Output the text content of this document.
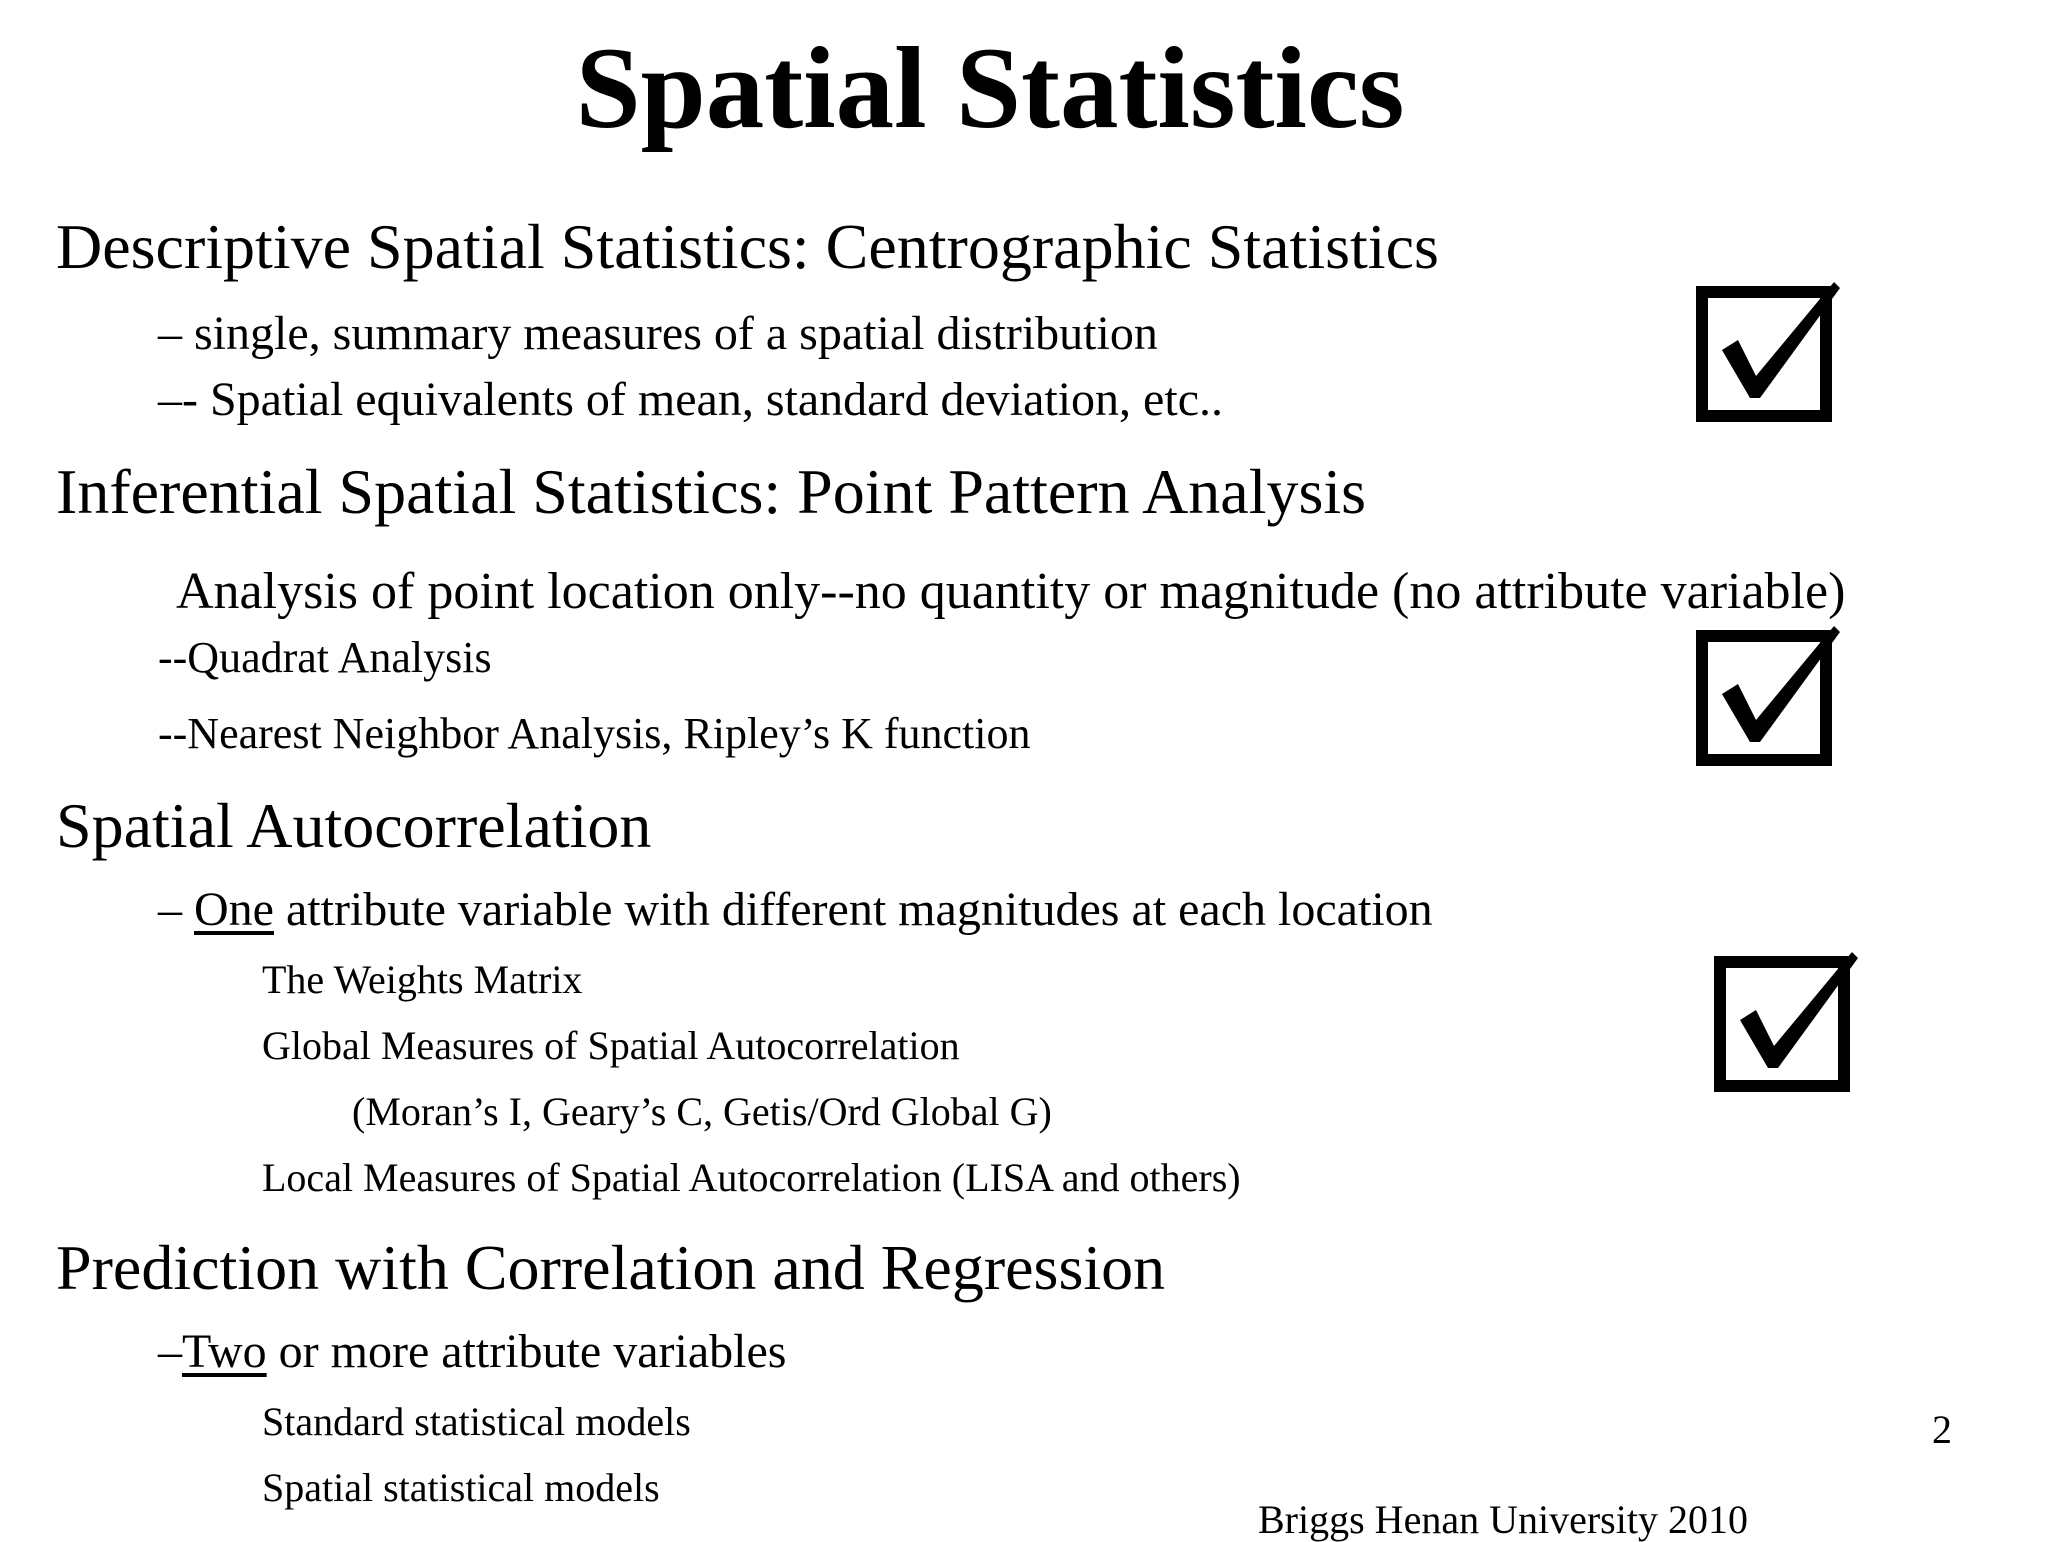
Spatial Statistics
Descriptive Spatial Statistics: Centrographic Statistics
– single, summary measures of a spatial distribution
–- Spatial equivalents of mean, standard deviation, etc..
Inferential Spatial Statistics: Point Pattern Analysis
Analysis of point location only--no quantity or magnitude (no attribute variable)
--Quadrat Analysis
--Nearest Neighbor Analysis, Ripley’s K function
Spatial Autocorrelation
– One attribute variable with different magnitudes at each location
The Weights Matrix
Global Measures of Spatial Autocorrelation
(Moran’s I, Geary’s C, Getis/Ord Global G)
Local Measures of Spatial Autocorrelation (LISA and others)
Prediction with Correlation and Regression
–Two or more attribute variables
Standard statistical models
Spatial statistical models
2
Briggs Henan University 2010
